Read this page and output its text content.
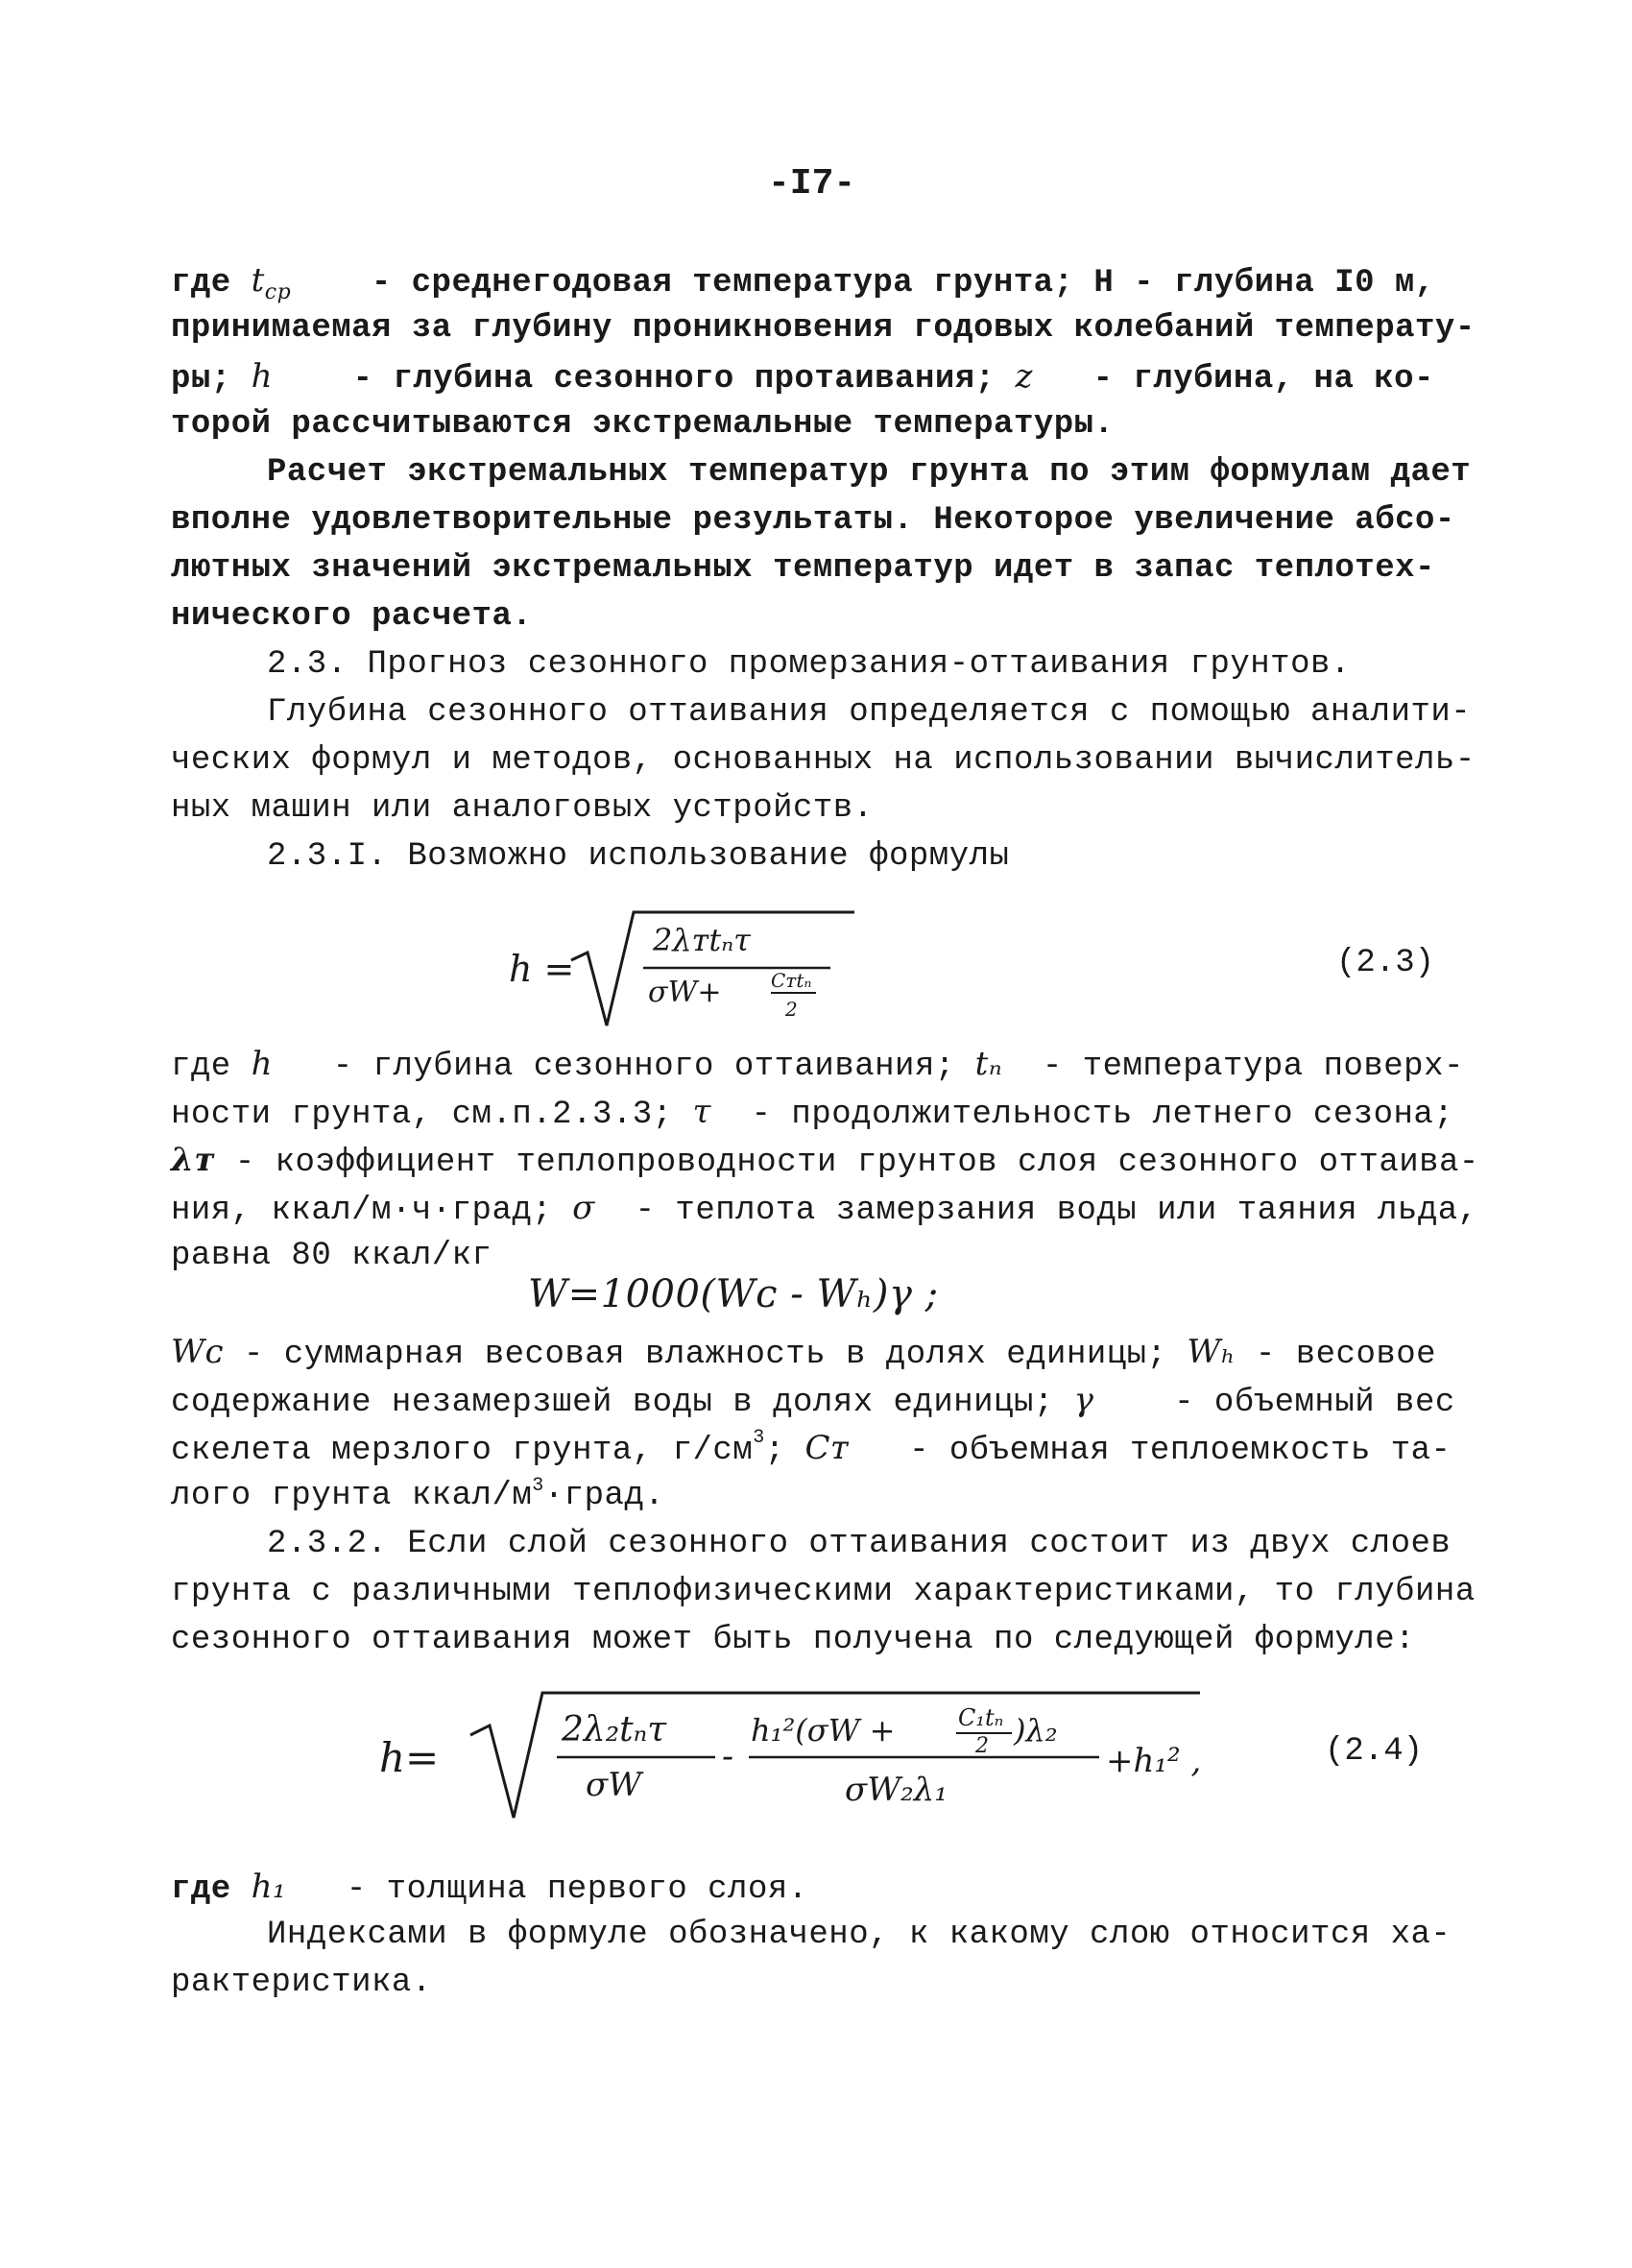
-I7-
где $t_{ср}$    - среднегодовая температура грунта; Н - глубина I0 м,
принимаемая за глубину проникновения годовых колебаний температу-
ры; h    - глубина сезонного протаивания; z   - глубина, на ко-
торой рассчитываются экстремальные температуры.
Расчет экстремальных температур грунта по этим формулам дает
вполне удовлетворительные результаты. Некоторое увеличение абсо-
лютных значений экстремальных температур идет в запас теплотех-
нического расчета.
2.3. Прогноз сезонного промерзания-оттаивания грунтов.
Глубина сезонного оттаивания определяется с помощью аналити-
ческих формул и методов, основанных на использовании вычислитель-
ных машин или аналоговых устройств.
2.3.I. Возможно использование формулы
h =
2λᴛtₙτ
σW+	Cᴛtₙ
2
(2.3)
где h   - глубина сезонного оттаивания; tₙ  - температура поверх-
ности грунта, см.п.2.3.3; τ  - продолжительность летнего сезона;
λᴛ - коэффициент теплопроводности грунтов слоя сезонного оттаива-
ния, ккал/м·ч·град; σ  - теплота замерзания воды или таяния льда,
равна 80 ккал/кг
W=1000(Wᴄ - Wₕ)γ ;
Wᴄ - суммарная весовая влажность в долях единицы; Wₕ - весовое
содержание незамерзшей воды в долях единицы; γ    - объемный вес
скелета мерзлого грунта, $г/см^3$; Cᴛ   - объемная теплоемкость та-
лого грунта ккал/$м^3\cdot град$.
2.3.2. Если слой сезонного оттаивания состоит из двух слоев
грунта с различными теплофизическими характеристиками, то глубина
сезонного оттаивания может быть получена по следующей формуле:
h=
2λ₂tₙτ
σW
-
h₁²(σW +	C₁tₙ
2 )λ₂
σW₂λ₁
+h₁² ,	(2.4)
где h₁   - толщина первого слоя.
Индексами в формуле обозначено, к какому слою относится ха-
рактеристика.
